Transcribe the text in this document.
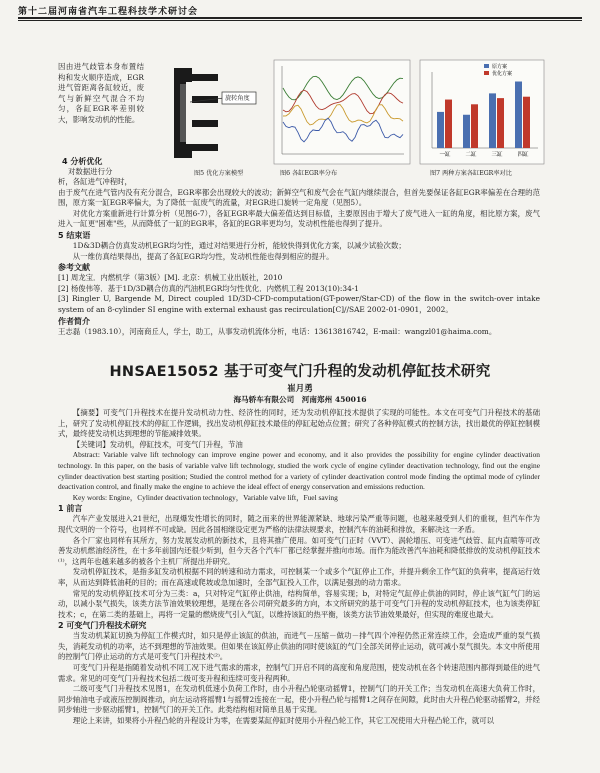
第十二届河南省汽车工程科技学术研讨会

因由进气歧管本身布置结构和发火顺序造成，EGR进气管距离各缸较近，废气与新鲜空气混合不均匀，各缸EGR率差别较大，影响发动机的性能。

4 分析优化
对数据进行分
旋转角度
图5 优化方案模型	图6 各缸EGR率分布
一缸	二缸	三缸	四缸
原方案
优化方案
图7 两种方案各缸EGR率对比

析，各缸进气冲程时，

由于废气在进气管内没有充分混合，EGR率都会出现较大的波动；新鲜空气和废气会在气缸内继续混合，但首先要保证各缸EGR率偏差在合理的范围，原方案一缸EGR率偏大，为了降低一缸废气的流量，对EGR进口旋转一定角度（见图5）。

对优化方案重新进行计算分析（见图6-7），各缸EGR率最大偏差值达到目标值，主要原因由于增大了废气进入一缸的角度，相比原方案，废气进入一缸更"困难"些，从而降低了一缸的EGR率，各缸的EGR率更均匀，发动机性能也得到了提升。

5 结束语

1D&3D耦合仿真发动机EGR均匀性，通过对结果进行分析，能较快得到优化方案，以减少试验次数；

从一维仿真结果得出，提高了各缸EGR均匀性，发动机性能也得到相应的提升。

参考文献

[1] 周龙宝．内燃机学（第3版）[M]. 北京：机械工业出版社，2010

[2] 杨俊伟等．基于1D/3D耦合仿真的汽油机EGR均匀性优化．内燃机工程 2013(10):34-1

[3] Ringler U, Bargende M, Direct coupled 1D/3D-CFD-computation(GT-power/Star-CD) of the flow in the switch-over intake system of an 8-cylinder SI engine with external exhaust gas recirculation[C]//SAE 2002-01-0901，2002。

作者简介

王志磊（1983.10），河南商丘人，学士，助工，从事发动机流体分析，电话：13613816742，E-mail：wangzl01@haima.com。

HNSAE15052 基于可变气门升程的发动机停缸技术研究
崔月勇
海马轿车有限公司　河南郑州 450016

【摘要】可变气门升程技术在提升发动机动力性、经济性的同时，还为发动机停缸技术提供了实现的可能性。本文在可变气门升程技术的基础上，研究了发动机停缸技术的停缸工作逻辑，找出发动机停缸技术最佳的停缸起始点位置；研究了各种停缸模式的控制方法，找出最优的停缸控制模式，最终使发动机达到理想的节能减排效果。

【关键词】发动机，停缸技术，可变气门升程，节油

Abstract: Variable valve lift technology can improve engine power and economy, and it also provides the possibility for engine cylinder deactivation technology. In this paper, on the basis of variable valve lift technology, studied the work cycle of engine cylinder deactivation technology, find out the engine cylinder deactivation best starting position; Studied the control method for a variety of cylinder deactivation control mode finding the optimal mode of cylinder deactivation control, and finally make the engine to achieve the ideal effect of energy conservation and emissions reduction.

Key words: Engine，Cylinder deactivation technology，Variable valve lift，Fuel saving

1 前言

汽车产业发展进入21世纪，出现爆发性增长的同时，随之而来的世界能源紧缺、地球污染严重等问题，也越来越受到人们的重视，但汽车作为现代文明的一个符号，也同样不可或缺。因此各国相继设定更为严格的法律法规要求，控制汽车的油耗和排放，来解决这一矛盾。

各个厂家也同样有其所方，努力发展发动机的新技术，且将其推广使用。如可变气门正时（VVT）、涡轮增压、可变进气歧管、缸内直喷等可改善发动机燃油经济性，在十多年前国内还很少听到，但今天各个汽车厂都已经掌握并推向市场。而作为能改善汽车油耗和降低排放的发动机停缸技术⁽¹⁾，这两年也越来越多的被各个主机厂所提出并研究。

发动机停缸技术，是指多缸发动机根据不同的转速和动力需求，可控制某一个或多个气缸停止工作，并提升剩余工作气缸的负荷率，提高运行效率，从而达到降低油耗的目的；而在高速或爬坡或急加速时，全部气缸投入工作，以满足强劲的动力需求。

常见的发动机停缸技术可分为三类：a，只对特定气缸停止供油，结构简单，容易实现；b，对特定气缸停止供油的同时，停止该气缸气门的运动，以减小泵气损失，该类方法节油效果较理想，是现在各公司研究最多的方向，本文所研究的基于可变气门升程的发动机停缸技术，也为该类停缸技术；c，在第二类的基础上，再将一定量的燃烧废气引入气缸，以维持该缸的热平衡，该类方法节油效果最好，但实现的难度也最大。

2 可变气门升程技术研究

当发动机某缸切换为停缸工作模式时，如只是停止该缸的供油，而进气－压缩－做功－排气四个冲程仍然正常连续工作，会造成严重的泵气损失，消耗发动机的功率，达不到理想的节油效果。但如果在该缸停止供油的同时使该缸的气门全部关闭停止运动，就可减小泵气损失。本文中所使用的控制气门停止运动的方式是可变气门升程技术⁽²⁾。

可变气门升程是指随着发动机不同工况下进气需求的需求，控制气门开启不同的高度和角度范围，使发动机在各个转速范围内都得到最佳的进气需求。常见的可变气门升程技术包括二级可变升程和连续可变升程两种。

二级可变气门升程技术见图1，在发动机低速小负荷工作时，由小升程凸轮驱动摇臂1，控制气门的开关工作；当发动机在高速大负荷工作时，同步轴油电子或液压控制阀推动，向左运动将摇臂1与摇臂2连接在一起，使小升程凸轮与摇臂1之间存在间隙，此时由大升程凸轮驱动摇臂2，并经同步轴进一步驱动摇臂1，控制气门的开关工作。此类结构相对简单且易于实现。

理论上来讲，如果将小升程凸轮的升程设计为零，在需要某缸停缸时使用小升程凸轮工作，其它工况使用大升程凸轮工作，就可以
